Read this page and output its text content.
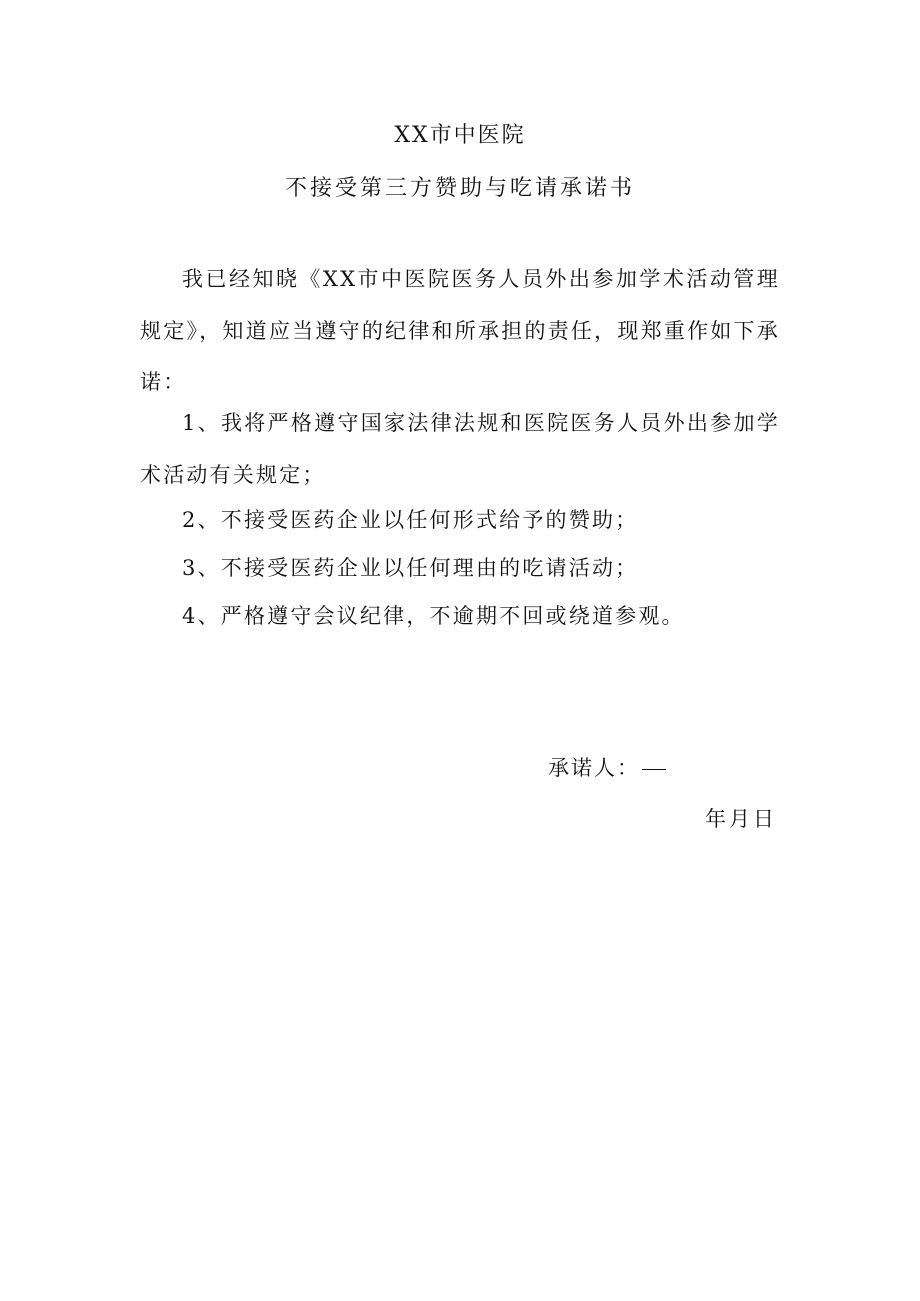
XX市中医院
不接受第三方赞助与吃请承诺书

我已经知晓《XX市中医院医务人员外出参加学术活动管理规定》，知道应当遵守的纪律和所承担的责任，现郑重作如下承诺：

1、我将严格遵守国家法律法规和医院医务人员外出参加学术活动有关规定；

2、不接受医药企业以任何形式给予的赞助；

3、不接受医药企业以任何理由的吃请活动；

4、严格遵守会议纪律，不逾期不回或绕道参观。

承诺人：
年月日
